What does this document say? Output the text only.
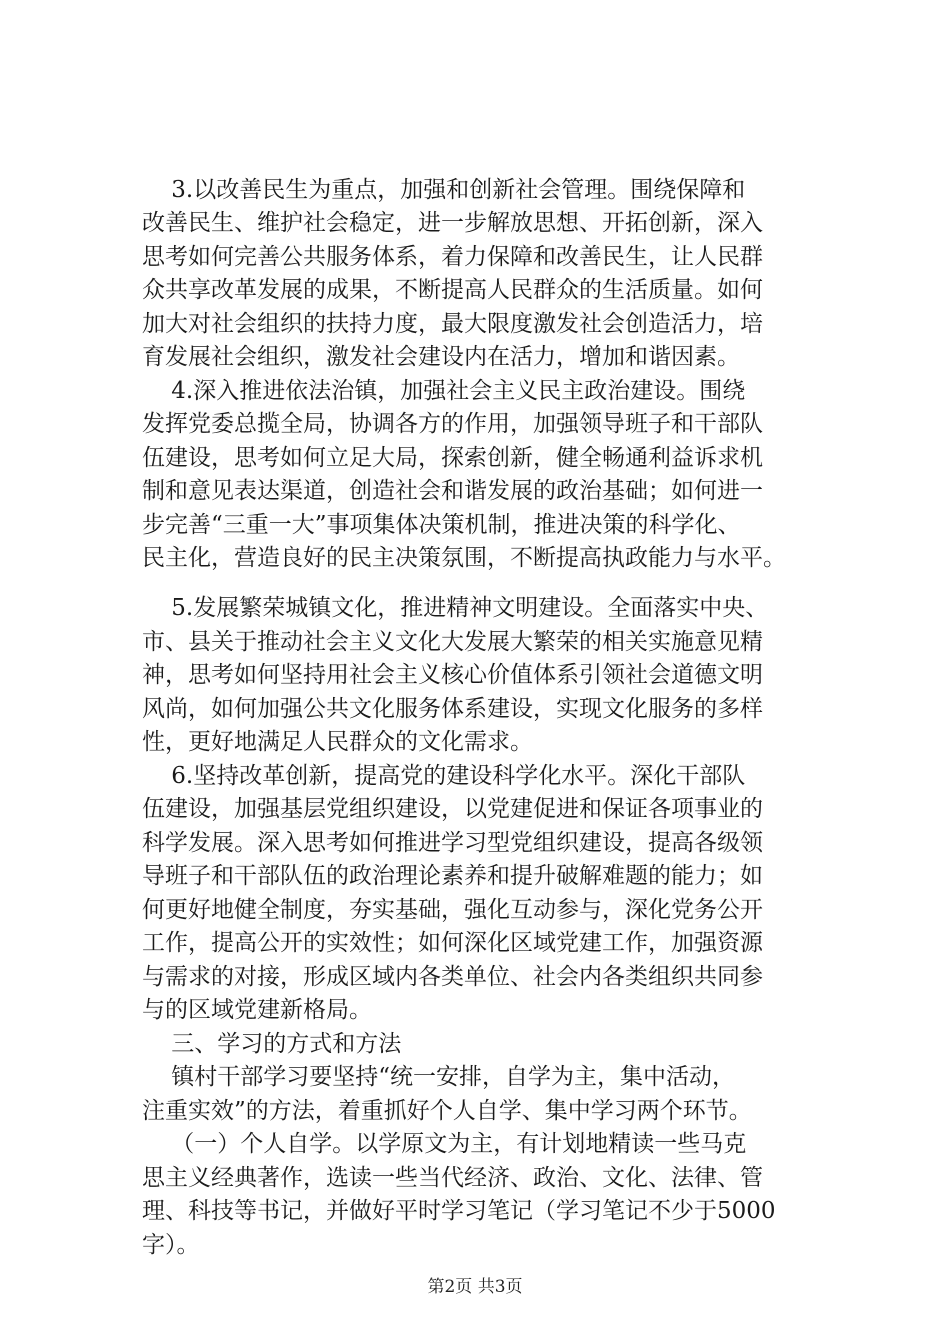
3.以改善民生为重点，加强和创新社会管理。围绕保障和
改善民生、维护社会稳定，进一步解放思想、开拓创新，深入
思考如何完善公共服务体系，着力保障和改善民生，让人民群
众共享改革发展的成果，不断提高人民群众的生活质量。如何
加大对社会组织的扶持力度，最大限度激发社会创造活力，培
育发展社会组织，激发社会建设内在活力，增加和谐因素。
4.深入推进依法治镇，加强社会主义民主政治建设。围绕
发挥党委总揽全局，协调各方的作用，加强领导班子和干部队
伍建设，思考如何立足大局，探索创新，健全畅通利益诉求机
制和意见表达渠道，创造社会和谐发展的政治基础；如何进一
步完善“三重一大”事项集体决策机制，推进决策的科学化、
民主化，营造良好的民主决策氛围，不断提高执政能力与水平。
5.发展繁荣城镇文化，推进精神文明建设。全面落实中央、
市、县关于推动社会主义文化大发展大繁荣的相关实施意见精
神，思考如何坚持用社会主义核心价值体系引领社会道德文明
风尚，如何加强公共文化服务体系建设，实现文化服务的多样
性，更好地满足人民群众的文化需求。
6.坚持改革创新，提高党的建设科学化水平。深化干部队
伍建设，加强基层党组织建设，以党建促进和保证各项事业的
科学发展。深入思考如何推进学习型党组织建设，提高各级领
导班子和干部队伍的政治理论素养和提升破解难题的能力；如
何更好地健全制度，夯实基础，强化互动参与，深化党务公开
工作，提高公开的实效性；如何深化区域党建工作，加强资源
与需求的对接，形成区域内各类单位、社会内各类组织共同参
与的区域党建新格局。
三、学习的方式和方法
镇村干部学习要坚持“统一安排，自学为主，集中活动，
注重实效”的方法，着重抓好个人自学、集中学习两个环节。
（一）个人自学。以学原文为主，有计划地精读一些马克
思主义经典著作，选读一些当代经济、政治、文化、法律、管
理、科技等书记，并做好平时学习笔记（学习笔记不少于5000
字）。
第2页 共3页
